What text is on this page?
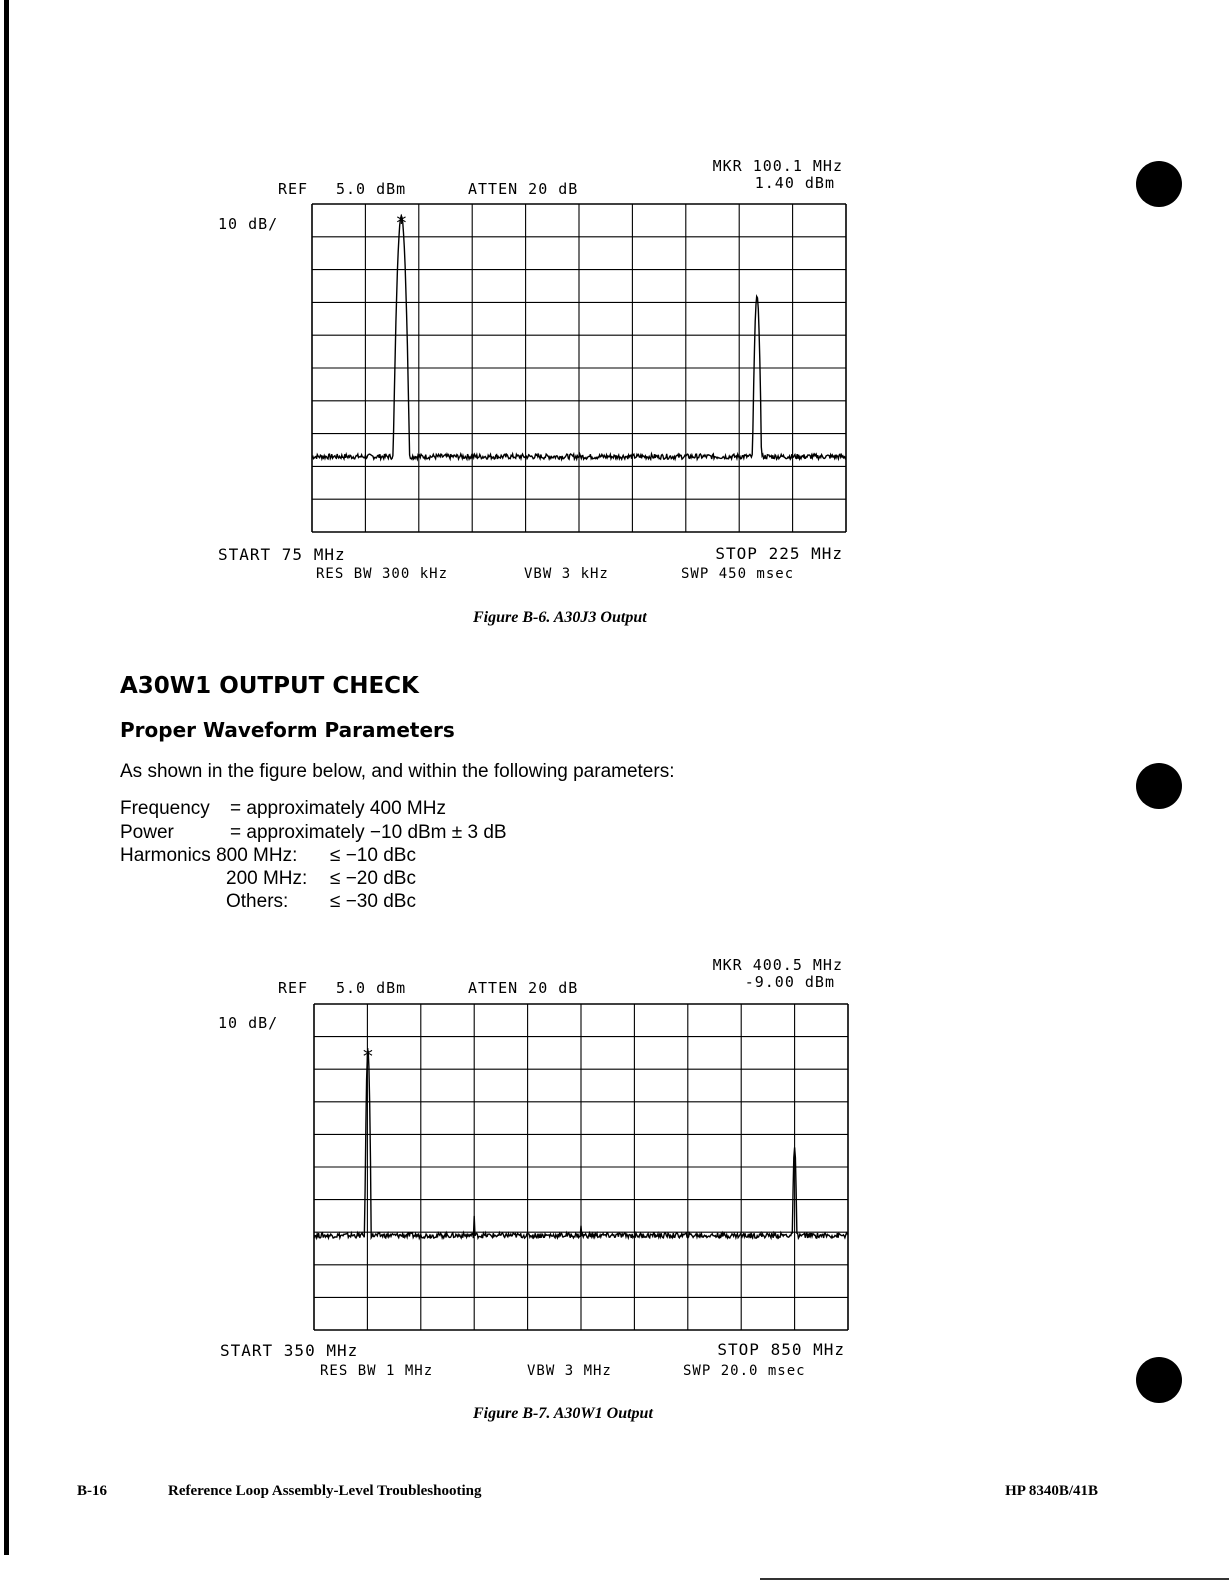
MKR 100.1 MHz
1.40 dBm
REF 5.0 dBm	ATTEN 20 dB
10 dB/	*
START 75 MHz	STOP 225 MHz
RES BW 300 kHz	VBW 3 kHz	SWP 450 msec
Figure B-6. A30J3 Output
A30W1 OUTPUT CHECK
Proper Waveform Parameters
As shown in the figure below, and within the following parameters:
Frequency = approximately 400 MHz
Power	= approximately −10 dBm ± 3 dB
Harmonics 800 MHz: ≤ −10 dBc
200 MHz: ≤ −20 dBc
Others: ≤ −30 dBc
MKR 400.5 MHz
-9.00 dBm
REF 5.0 dBm	ATTEN 20 dB
10 dB/
*
START 350 MHz	STOP 850 MHz
RES BW 1 MHz	VBW 3 MHz	SWP 20.0 msec
Figure B-7. A30W1 Output
B-16	Reference Loop Assembly-Level Troubleshooting	HP 8340B/41B
